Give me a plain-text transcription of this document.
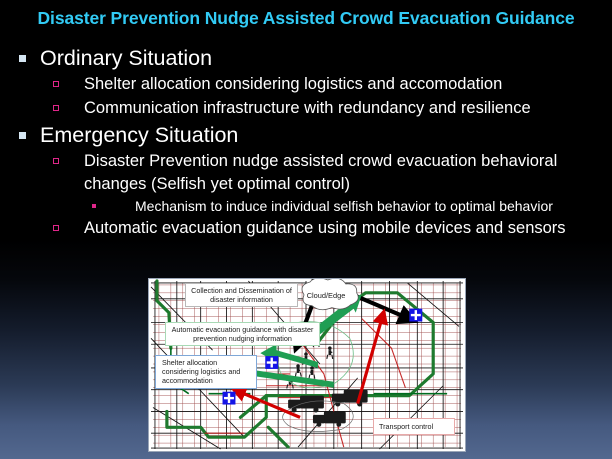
Disaster Prevention Nudge Assisted Crowd Evacuation Guidance
Ordinary Situation
Shelter allocation considering logistics and accomodation
Communication infrastructure with redundancy and resilience
Emergency Situation
Disaster Prevention nudge assisted crowd evacuation behavioral changes (Selfish yet optimal control)
Mechanism to induce individual selfish behavior to optimal behavior
Automatic evacuation guidance using mobile devices and sensors
Collection and Dissemination of disaster information
Automatic evacuation guidance with disaster prevention nudging information
Shelter allocation considering logistics and accommodation
Transport control
Cloud/Edge
